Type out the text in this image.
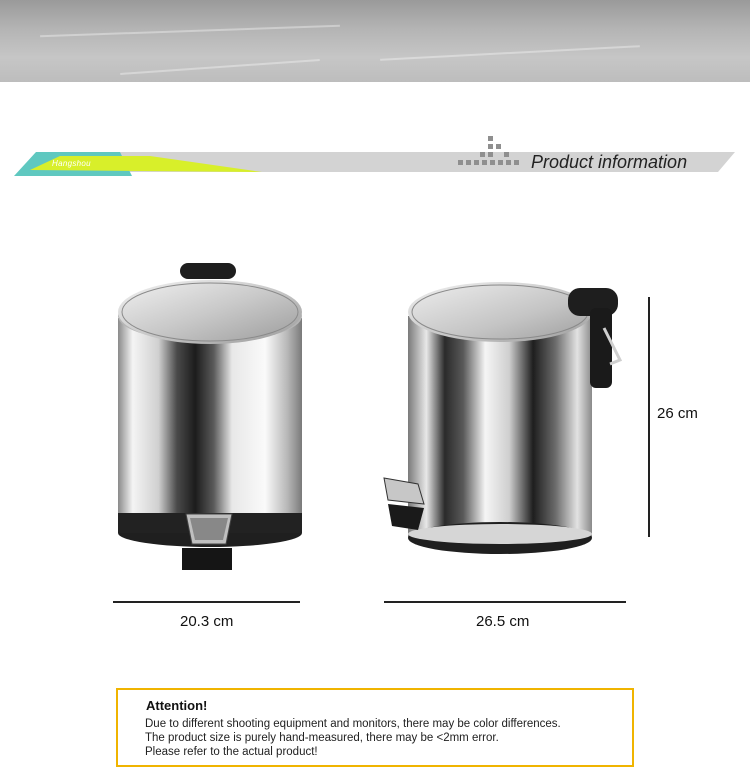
Hangshou	Product information
20.3 cm	26.5 cm
26 cm
Attention!
Due to different shooting equipment and monitors, there may be color differences.
The product size is purely hand-measured, there may be <2mm error.
Please refer to the actual product!
